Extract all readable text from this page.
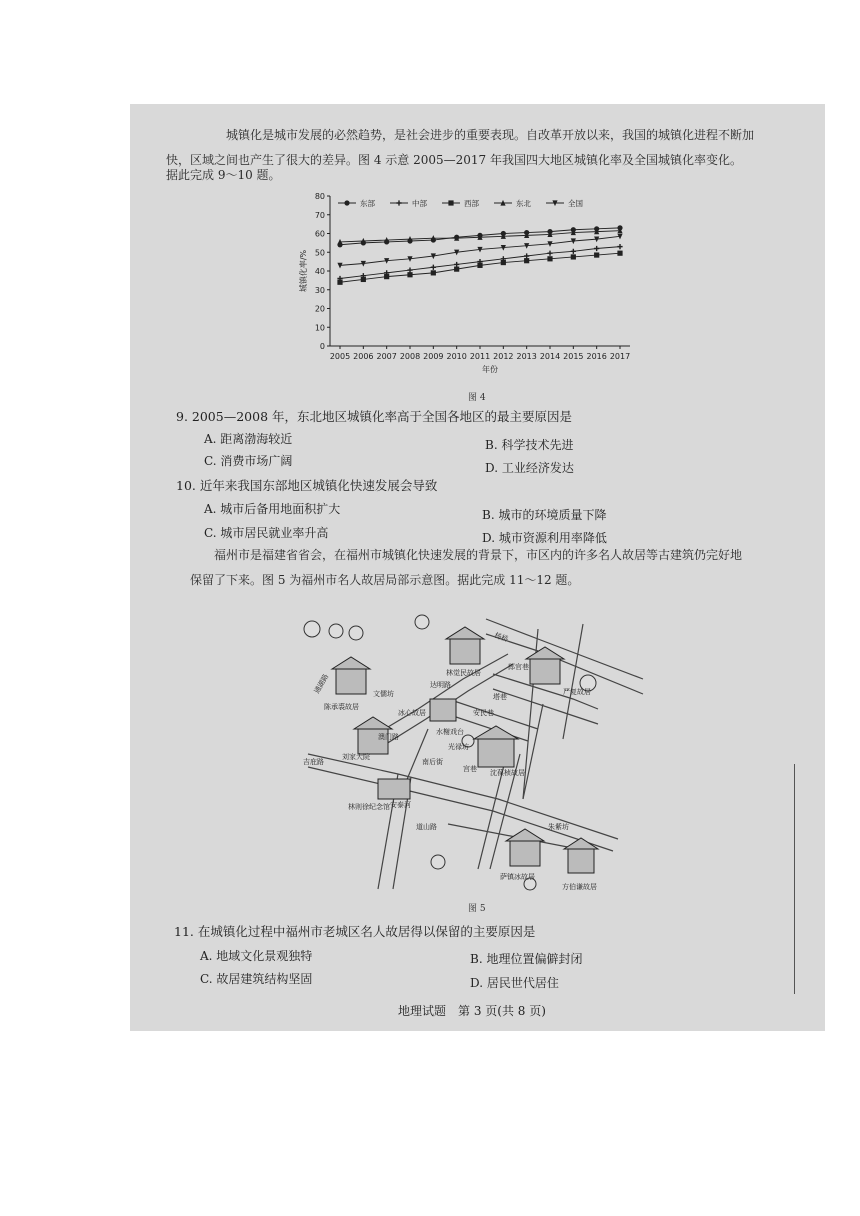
城镇化是城市发展的必然趋势，是社会进步的重要表现。自改革开放以来，我国的城镇化进程不断加
快，区域之间也产生了很大的差异。图 4 示意 2005—2017 年我国四大地区城镇化率及全国城镇化率变化。
据此完成 9～10 题。
0
10
20
30
40
50
60
70
80
2005 2006 2007 2008 2009 2010 2011 2012 2013 2014 2015 2016 2017
城镇化率/%
年份
东部	中部	西部	东北	全国
图 4
9. 2005—2008 年，东北地区城镇化率高于全国各地区的最主要原因是
A. 距离渤海较近	B. 科学技术先进
C. 消费市场广阔	D. 工业经济发达
10. 近年来我国东部地区城镇化快速发展会导致
A. 城市后备用地面积扩大	B. 城市的环境质量下降
C. 城市居民就业率升高	D. 城市资源利用率降低
福州市是福建省省会，在福州市城镇化快速发展的背景下，市区内的许多名人故居等古建筑仍完好地
保留了下来。图 5 为福州市名人故居局部示意图。据此完成 11～12 题。
林觉民故居
郎官巷
严复故居
杨桥
陈承裘故居
文儒坊
光禄坊
冰心故居
塔巷
安民巷
水榭戏台
宫巷 沈葆桢故居
刘家大院
林则徐纪念馆
吉庇路
通湖路
南后街
澳门路
萨镇冰故居
方伯谦故居
朱紫坊
达明路
道山路
安泰河
图 5
11. 在城镇化过程中福州市老城区名人故居得以保留的主要原因是
A. 地域文化景观独特	B. 地理位置偏僻封闭
C. 故居建筑结构坚固	D. 居民世代居住
地理试题　第 3 页(共 8 页)
